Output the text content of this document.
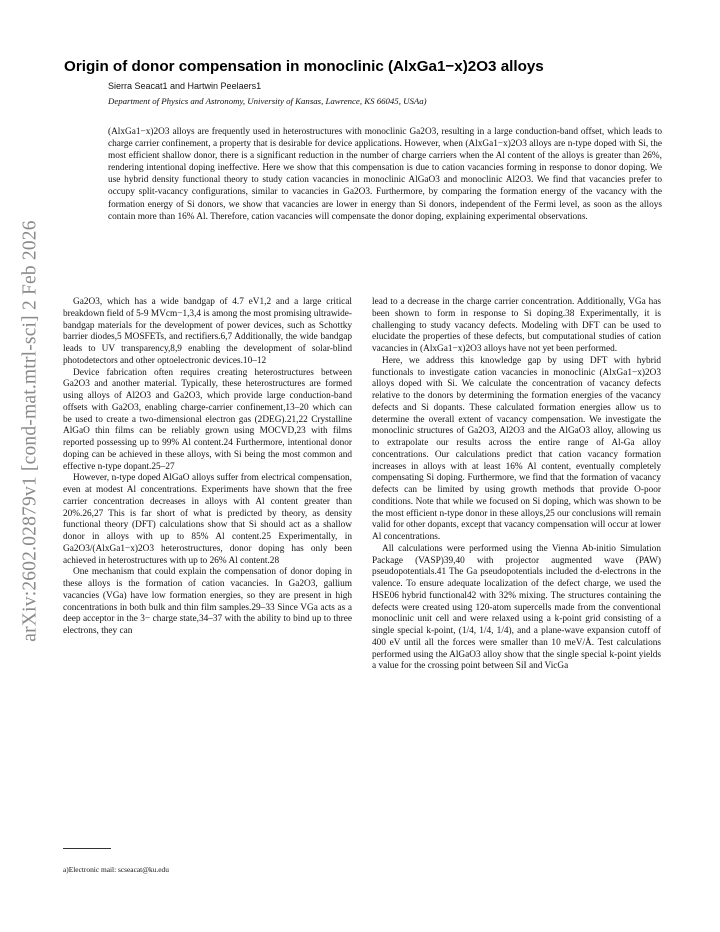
arXiv:2602.02879v1 [cond-mat.mtrl-sci] 2 Feb 2026
Origin of donor compensation in monoclinic (AlxGa1−x)2O3 alloys
Sierra Seacat1 and Hartwin Peelaers1
Department of Physics and Astronomy, University of Kansas, Lawrence, KS 66045, USAa)

(AlxGa1−x)2O3 alloys are frequently used in heterostructures with monoclinic Ga2O3, resulting in a large conduction-band offset, which leads to charge carrier confinement, a property that is desirable for device applications. However, when (AlxGa1−x)2O3 alloys are n-type doped with Si, the most efficient shallow donor, there is a significant reduction in the number of charge carriers when the Al content of the alloys is greater than 26%, rendering intentional doping ineffective. Here we show that this compensation is due to cation vacancies forming in response to donor doping. We use hybrid density functional theory to study cation vacancies in monoclinic AlGaO3 and monoclinic Al2O3. We find that vacancies prefer to occupy split-vacancy configurations, similar to vacancies in Ga2O3. Furthermore, by comparing the formation energy of the vacancy with the formation energy of Si donors, we show that vacancies are lower in energy than Si donors, independent of the Fermi level, as soon as the alloys contain more than 16% Al. Therefore, cation vacancies will compensate the donor doping, explaining experimental observations.

Ga2O3, which has a wide bandgap of 4.7 eV1,2 and a large critical breakdown field of 5-9 MVcm−1,3,4 is among the most promising ultrawide-bandgap materials for the development of power devices, such as Schottky barrier diodes,5 MOSFETs, and rectifiers.6,7 Additionally, the wide bandgap leads to UV transparency,8,9 enabling the development of solar-blind photodetectors and other optoelectronic devices.10–12

Device fabrication often requires creating heterostructures between Ga2O3 and another material. Typically, these heterostructures are formed using alloys of Al2O3 and Ga2O3, which provide large conduction-band offsets with Ga2O3, enabling charge-carrier confinement,13–20 which can be used to create a two-dimensional electron gas (2DEG).21,22 Crystalline AlGaO thin films can be reliably grown using MOCVD,23 with films reported possessing up to 99% Al content.24 Furthermore, intentional donor doping can be achieved in these alloys, with Si being the most common and effective n-type dopant.25–27

However, n-type doped AlGaO alloys suffer from electrical compensation, even at modest Al concentrations. Experiments have shown that the free carrier concentration decreases in alloys with Al content greater than 20%.26,27 This is far short of what is predicted by theory, as density functional theory (DFT) calculations show that Si should act as a shallow donor in alloys with up to 85% Al content.25 Experimentally, in Ga2O3/(AlxGa1−x)2O3 heterostructures, donor doping has only been achieved in heterostructures with up to 26% Al content.28

One mechanism that could explain the compensation of donor doping in these alloys is the formation of cation vacancies. In Ga2O3, gallium vacancies (VGa) have low formation energies, so they are present in high concentrations in both bulk and thin film samples.29–33 Since VGa acts as a deep acceptor in the 3− charge state,34–37 with the ability to bind up to three electrons, they can

lead to a decrease in the charge carrier concentration. Additionally, VGa has been shown to form in response to Si doping.38 Experimentally, it is challenging to study vacancy defects. Modeling with DFT can be used to elucidate the properties of these defects, but computational studies of cation vacancies in (AlxGa1−x)2O3 alloys have not yet been performed.

Here, we address this knowledge gap by using DFT with hybrid functionals to investigate cation vacancies in monoclinic (AlxGa1−x)2O3 alloys doped with Si. We calculate the concentration of vacancy defects relative to the donors by determining the formation energies of the vacancy defects and Si dopants. These calculated formation energies allow us to determine the overall extent of vacancy compensation. We investigate the monoclinic structures of Ga2O3, Al2O3 and the AlGaO3 alloy, allowing us to extrapolate our results across the entire range of Al-Ga alloy concentrations. Our calculations predict that cation vacancy formation increases in alloys with at least 16% Al content, eventually completely compensating Si doping. Furthermore, we find that the formation of vacancy defects can be limited by using growth methods that provide O-poor conditions. Note that while we focused on Si doping, which was shown to be the most efficient n-type donor in these alloys,25 our conclusions will remain valid for other dopants, except that vacancy compensation will occur at lower Al concentrations.

All calculations were performed using the Vienna Ab-initio Simulation Package (VASP)39,40 with projector augmented wave (PAW) pseudopotentials.41 The Ga pseudopotentials included the d-electrons in the valence. To ensure adequate localization of the defect charge, we used the HSE06 hybrid functional42 with 32% mixing. The structures containing the defects were created using 120-atom supercells made from the conventional monoclinic unit cell and were relaxed using a k-point grid consisting of a single special k-point, (1/4, 1/4, 1/4), and a plane-wave expansion cutoff of 400 eV until all the forces were smaller than 10 meV/Å. Test calculations performed using the AlGaO3 alloy show that the single special k-point yields a value for the crossing point between SiI and VicGa

a)Electronic mail: scseacat@ku.edu
